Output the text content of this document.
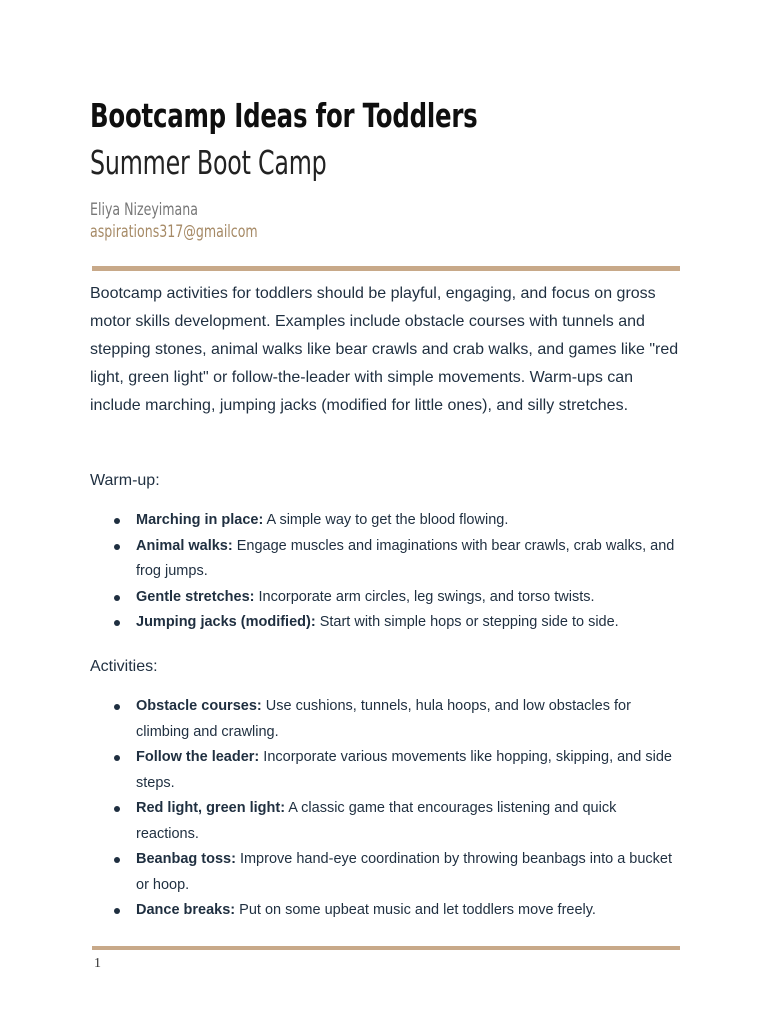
Bootcamp Ideas for Toddlers
Summer Boot Camp
Eliya Nizeyimana
aspirations317@gmailcom

Bootcamp activities for toddlers should be playful, engaging, and focus on gross motor skills development. Examples include obstacle courses with tunnels and stepping stones, animal walks like bear crawls and crab walks, and games like "red light, green light" or follow-the-leader with simple movements. Warm-ups can include marching, jumping jacks (modified for little ones), and silly stretches.

Warm-up:

Marching in place: A simple way to get the blood flowing.
Animal walks: Engage muscles and imaginations with bear crawls, crab walks, and frog jumps.
Gentle stretches: Incorporate arm circles, leg swings, and torso twists.
Jumping jacks (modified): Start with simple hops or stepping side to side.

Activities:

Obstacle courses: Use cushions, tunnels, hula hoops, and low obstacles for climbing and crawling.
Follow the leader: Incorporate various movements like hopping, skipping, and side steps.
Red light, green light: A classic game that encourages listening and quick reactions.
Beanbag toss: Improve hand-eye coordination by throwing beanbags into a bucket or hoop.
Dance breaks: Put on some upbeat music and let toddlers move freely.
1
